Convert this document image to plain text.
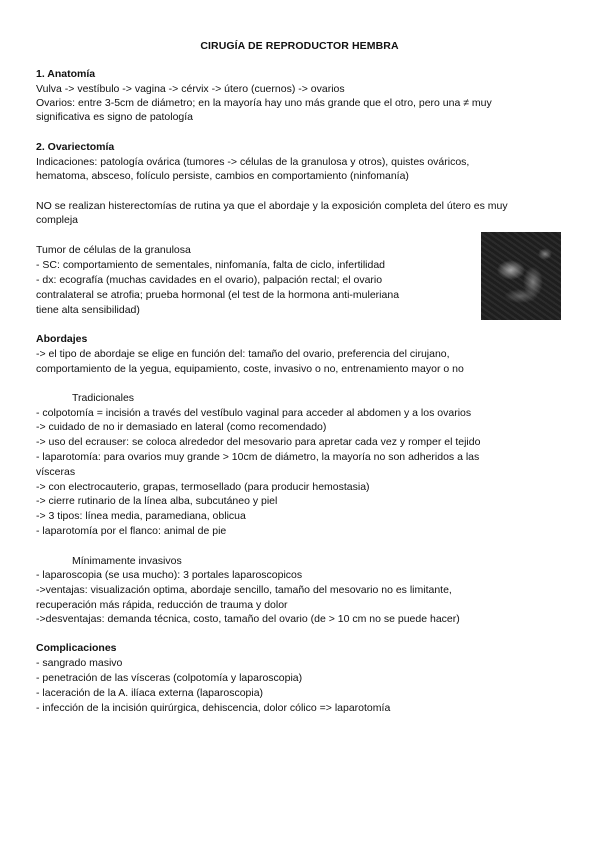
CIRUGÍA DE REPRODUCTOR HEMBRA
1. Anatomía
Vulva -> vestíbulo -> vagina -> cérvix -> útero (cuernos) -> ovarios
Ovarios: entre 3-5cm de diámetro; en la mayoría hay uno más grande que el otro, pero una ≠ muy
significativa es signo de patología
2. Ovariectomía
Indicaciones: patología ovárica (tumores -> células de la granulosa y otros), quistes ováricos,
hematoma, absceso, folículo persiste, cambios en comportamiento (ninfomanía)
NO se realizan histerectomías de rutina ya que el abordaje y la exposición completa del útero es muy
compleja
Tumor de células de la granulosa
- SC: comportamiento de sementales, ninfomanía, falta de ciclo, infertilidad
- dx: ecografía (muchas cavidades en el ovario), palpación rectal; el ovario
contralateral se atrofia; prueba hormonal (el test de la hormona anti-muleriana
tiene alta sensibilidad)
Abordajes
-> el tipo de abordaje se elige en función del: tamaño del ovario, preferencia del cirujano,
comportamiento de la yegua, equipamiento, coste, invasivo o no, entrenamiento mayor o no
Tradicionales
- colpotomía = incisión a través del vestíbulo vaginal para acceder al abdomen y a los ovarios
-> cuidado de no ir demasiado en lateral (como recomendado)
-> uso del ecrauser: se coloca alrededor del mesovario para apretar cada vez y romper el tejido
- laparotomía: para ovarios muy grande > 10cm de diámetro, la mayoría no son adheridos a las
vísceras
-> con electrocauterio, grapas, termosellado (para producir hemostasia)
-> cierre rutinario de la línea alba, subcutáneo y piel
-> 3 tipos: línea media, paramediana, oblicua
- laparotomía por el flanco: animal de pie
Mínimamente invasivos
- laparoscopia (se usa mucho): 3 portales laparoscopicos
->ventajas: visualización optima, abordaje sencillo, tamaño del mesovario no es limitante,
recuperación más rápida, reducción de trauma y dolor
->desventajas: demanda técnica, costo, tamaño del ovario (de > 10 cm no se puede hacer)
Complicaciones
- sangrado masivo
- penetración de las vísceras (colpotomía y laparoscopia)
- laceración de la A. ilíaca externa (laparoscopia)
- infección de la incisión quirúrgica, dehiscencia, dolor cólico => laparotomía
